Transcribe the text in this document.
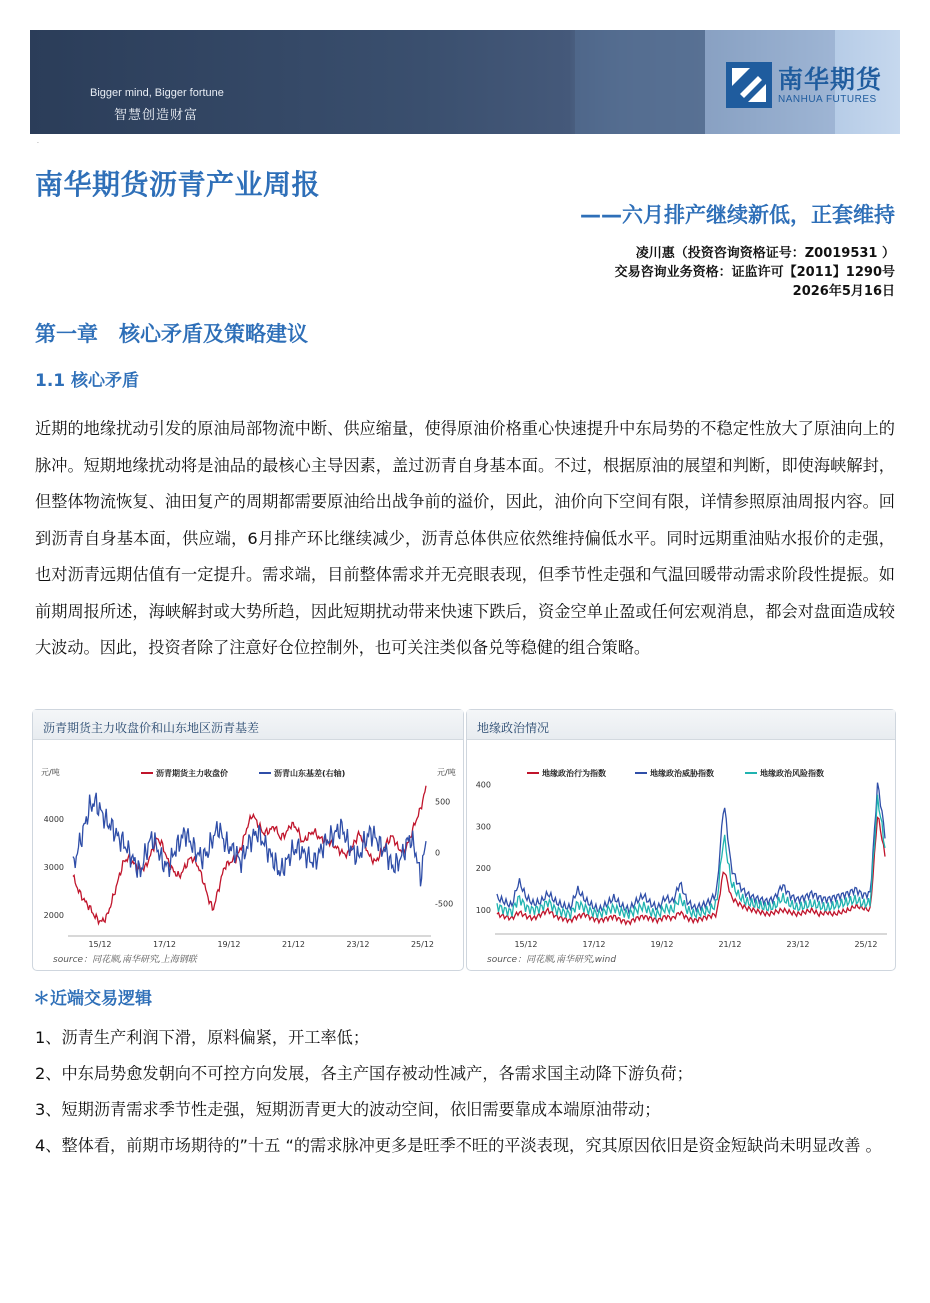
Bigger mind, Bigger fortune
智慧创造财富
南华期货
NANHUA FUTURES
·
南华期货沥青产业周报
——六月排产继续新低，正套维持
凌川惠（投资咨询资格证号：Z0019531 ）
交易咨询业务资格：证监许可【2011】1290号
2026年5月16日
第一章　核心矛盾及策略建议
1.1 核心矛盾
近期的地缘扰动引发的原油局部物流中断、供应缩量，使得原油价格重心快速提升中东局势的不稳定性放大了原油向上的脉冲。短期地缘扰动将是油品的最核心主导因素，盖过沥青自身基本面。不过，根据原油的展望和判断，即使海峡解封，但整体物流恢复、油田复产的周期都需要原油给出战争前的溢价，因此，油价向下空间有限，详情参照原油周报内容。回到沥青自身基本面，供应端，6月排产环比继续减少，沥青总体供应依然维持偏低水平。同时远期重油贴水报价的走强，也对沥青远期估值有一定提升。需求端，目前整体需求并无亮眼表现，但季节性走强和气温回暖带动需求阶段性提振。如前期周报所述，海峡解封或大势所趋，因此短期扰动带来快速下跌后，资金空单止盈或任何宏观消息，都会对盘面造成较大波动。因此，投资者除了注意好仓位控制外，也可关注类似备兑等稳健的组合策略。
沥青期货主力收盘价和山东地区沥青基差
元/吨	元/吨
2000
3000
4000
-500
0
500
15/12	17/12	19/12	21/12	23/12	25/12
沥青期货主力收盘价	沥青山东基差(右轴)
source：同花顺,南华研究,上海钢联
地缘政治情况
100
200
300
400
15/12	17/12	19/12	21/12	23/12	25/12
地缘政治行为指数	地缘政治威胁指数	地缘政治风险指数
source：同花顺,南华研究,wind
＊近端交易逻辑
1、沥青生产利润下滑，原料偏紧，开工率低；
2、中东局势愈发朝向不可控方向发展，各主产国存被动性减产，各需求国主动降下游负荷；
3、短期沥青需求季节性走强，短期沥青更大的波动空间，依旧需要靠成本端原油带动；
4、整体看，前期市场期待的”十五 “的需求脉冲更多是旺季不旺的平淡表现，究其原因依旧是资金短缺尚未明显改善 。
